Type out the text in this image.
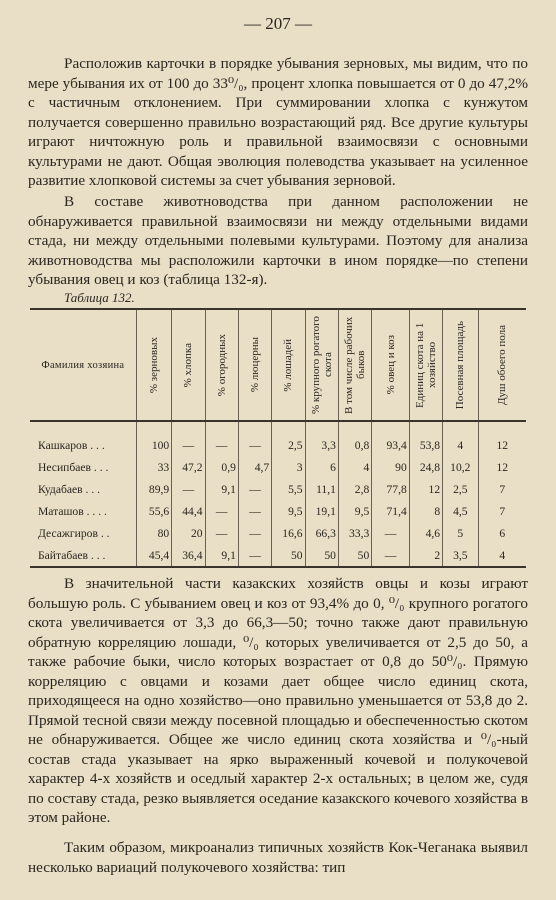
— 207 —

Расположив карточки в порядке убывания зерновых, мы видим, что по мере убывания их от 100 до 33⁰/₀, процент хлопка повышается от 0 до 47,2% с частичным отклонением. При суммировании хлопка с кунжутом получается совершенно правильно возрастающий ряд. Все другие культуры играют ничтожную роль и правильной взаимосвязи с основными культурами не дают. Общая эволюция полеводства указывает на усиленное развитие хлопковой системы за счет убывания зерновой.

В составе животноводства при данном расположении не обнаруживается правильной взаимосвязи ни между отдельными видами стада, ни между отдельными полевыми культурами. Поэтому для анализа животноводства мы расположили карточки в ином порядке—по степени убывания овец и коз (таблица 132-я).

Таблица 132.
Фамилия хозяина	% зерновых	% хлопка	% огородных	% люцерны	% лошадей	% крупного рогатого скота	В том числе рабочих быков	% овец и коз	Единиц скота на 1 хозяйство	Посевная площадь	Душ обоего пола

Кашкаров . . .	100	—	—	—	2,5	3,3	0,8	93,4	53,8	4	12
Несипбаев . . .	33	47,2	0,9	4,7	3	6	4	90	24,8	10,2	12
Кудабаев . . .	89,9	—	9,1	—	5,5	11,1	2,8	77,8	12	2,5	7
Маташов . . . .	55,6	44,4	—	—	9,5	19,1	9,5	71,4	8	4,5	7
Десажгиров . .	80	20	—	—	16,6	66,3	33,3	—	4,6	5	6
Байтабаев . . .	45,4	36,4	9,1	—	50	50	50	—	2	3,5	4

В значительной части казакских хозяйств овцы и козы играют большую роль. С убыванием овец и коз от 93,4% до 0, ⁰/₀ крупного рогатого скота увеличивается от 3,3 до 66,3—50; точно также дают правильную обратную корреляцию лошади, ⁰/₀ которых увеличивается от 2,5 до 50, а также рабочие быки, число которых возрастает от 0,8 до 50⁰/₀. Прямую корреляцию с овцами и козами дает общее число единиц скота, приходящееся на одно хозяйство—оно правильно уменьшается от 53,8 до 2. Прямой тесной связи между посевной площадью и обеспеченностью скотом не обнаруживается. Общее же число единиц скота хозяйства и ⁰/₀-ный состав стада указывает на ярко выраженный кочевой и полукочевой характер 4-х хозяйств и оседлый характер 2-х остальных; в целом же, судя по составу стада, резко выявляется оседание казакского кочевого хозяйства в этом районе.

Таким образом, микроанализ типичных хозяйств Кок-Чеганака выявил несколько вариаций полукочевого хозяйства: тип
